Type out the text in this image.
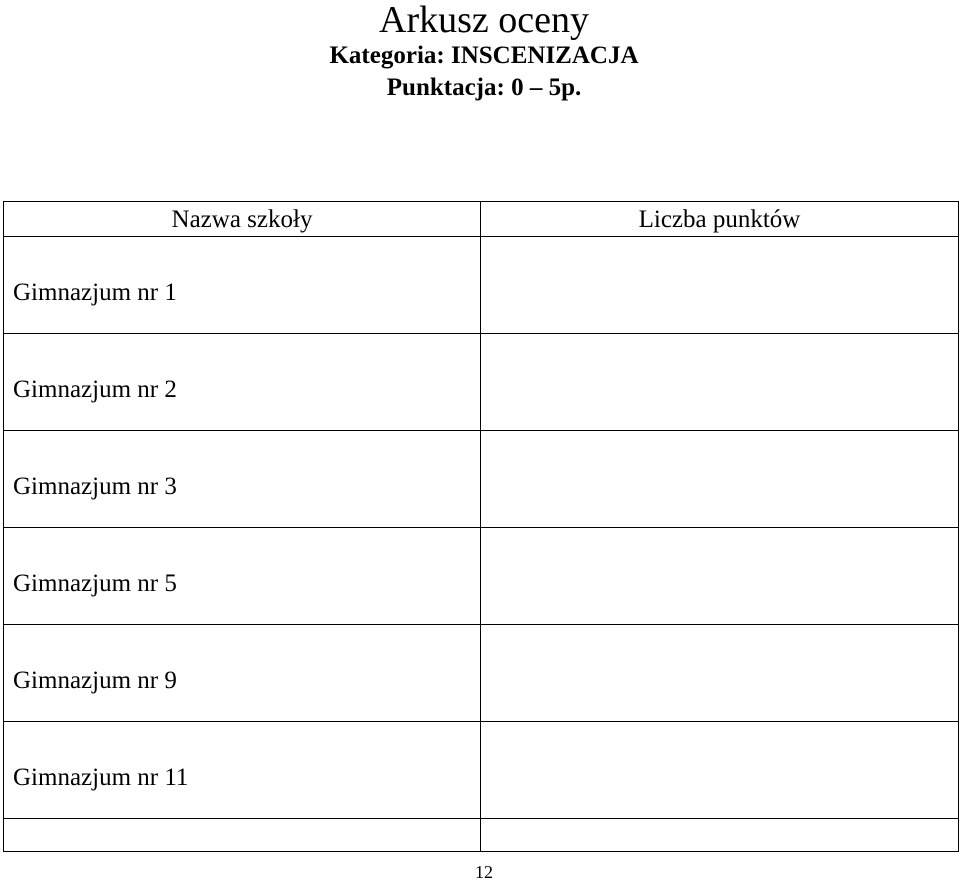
Arkusz oceny
Kategoria: INSCENIZACJA
Punktacja: 0 – 5p.
Nazwa szkoły	Liczba punktów
Gimnazjum nr 1	
Gimnazjum nr 2	
Gimnazjum nr 3	
Gimnazjum nr 5	
Gimnazjum nr 9	
Gimnazjum nr 11	

12
